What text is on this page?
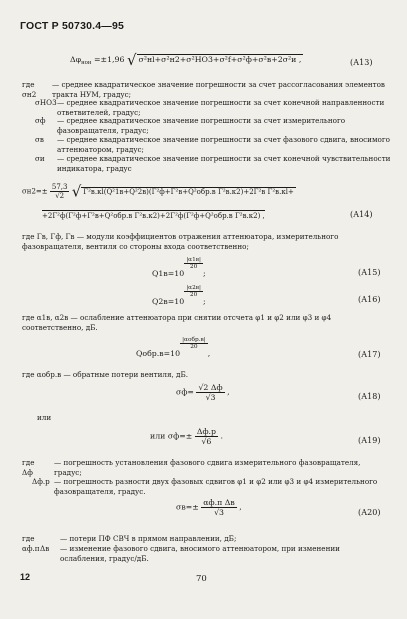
ГОСТ Р 50730.4—95
$\Delta\varphi_{нон} =\pm 1,96$ √ σ²нl+σ²н2+σ²НО3+σ²f+σ²ф+σ²в+2σ²и ,	(А13)
где σн2
— среднее квадратическое значение погрешности за счет рассогласования элементов тракта НУМ, градус;
σНО3 — среднее квадратическое значение погрешности за счет конечной направленности ответвителей, градус;
σф — среднее квадратическое значение погрешности за счет измерительного фазовращателя, градус;
σв — среднее квадратическое значение погрешности за счет фазового сдвига, вносимого аттенюатором, градус;
σи — среднее квадратическое значение погрешности за счет конечной чувствительности индикатора, градус
$\sigma н2=\pm \frac{57,3}{√2}$ √ Γ²в.кl(Q²1в+Q²2в)(Γ²ф+Γ²в+Q²обр.в Γ²в.к2)+2Γ²в Γ²в.кl+
+2Γ²ф(Γ²ф+Γ²в+Q²обр.в Γ²в.к2)+2Γ²ф(Γ²ф+Q²обр.в Γ²в.к2) ,	(А14)
где Γв, Γф, Γв — модули коэффициентов отражения аттенюатора, измерительного фазовращателя, вентиля со стороны входа соответственно;
Q1в=10
$\frac{|\alpha 1в|}{20}$
;	(А15)
Q2в=10
$\frac{|\alpha 2в|}{20}$
;	(А16)
где α1в, α2в — ослабление аттенюатора при снятии отсчета φ1 и φ2 или φ3 и φ4 соответственно, дБ.
Qобр.в=10
$\frac{\text{|αобр.в|}}{20}$
,	(А17)
где αобр.в — обратные потери вентиля, дБ.
$\sigma ф= \frac{√2 \Delta ф}{√3}$ ,	(А18)
или
или $\sigma ф=\pm \frac{\Delta ф.р}{√6}$ .	(А19)
где Δф
— погрешность установления фазового сдвига измерительного фазовращателя, градус;
Δф.р — погрешность разности двух фазовых сдвигов φ1 и φ2 или φ3 и φ4 измерительного фазовращателя, градус.
$\sigma в=\pm \frac{\text{αф.п Δв}}{√3}$ ,
(А20)
где αф.п
— потери ПФ СВЧ в прямом направлении, дБ;
Δв — изменение фазового сдвига, вносимого аттенюатором, при изменении ослабления, градус/дБ.
12	70
